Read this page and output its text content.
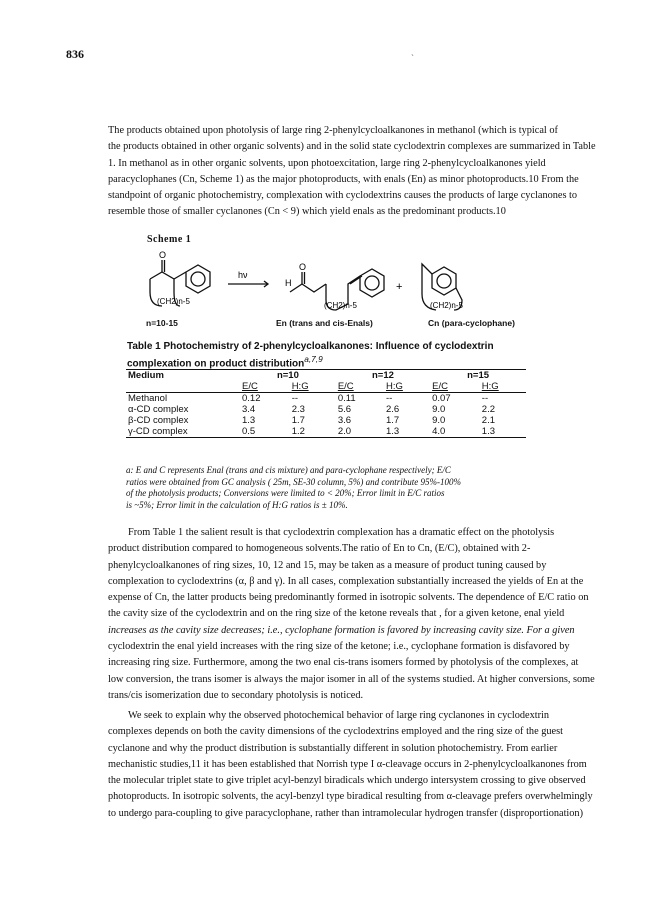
836	`
The products obtained upon photolysis of large ring 2-phenylcycloalkanones in methanol (which is typical of
the products obtained in other organic solvents) and in the solid state cyclodextrin complexes are summarized in Table
1. In methanol as in other organic solvents, upon photoexcitation, large ring 2-phenylcycloalkanones yield
paracyclophanes (Cn, Scheme 1) as the major photoproducts, with enals (En) as minor photoproducts.10 From the
standpoint of organic photochemistry, complexation with cyclodextrins causes the products of large cyclanones to
resemble those of smaller cyclanones (Cn < 9) which yield enals as the predominant products.10
Scheme 1
O
O
H
hν
+
(CH2)n-5	(CH2)n-5	(CH2)n-5
n=10-15	En (trans and cis-Enals)	Cn (para-cyclophane)
Table 1 Photochemistry of 2-phenylcycloalkanones: Influence of cyclodextrin
complexation on product distribution$^{a,7,9}$
Medium	n=10		n=12		n=15	
	E/C	H:G	E/C	H:G	E/C	H:G
Methanol	0.12	--	0.11	--	0.07	--
α-CD complex	3.4	2.3	5.6	2.6	9.0	2.2
β-CD complex	1.3	1.7	3.6	1.7	9.0	2.1
γ-CD complex	0.5	1.2	2.0	1.3	4.0	1.3
a: E and C represents Enal (trans and cis mixture) and para-cyclophane respectively; E/C
ratios were obtained from GC analysis ( 25m, SE-30 column, 5%) and contribute 95%-100%
of the photolysis products; Conversions were limited to < 20%; Error limit in E/C ratios
is ~5%; Error limit in the calculation of H:G ratios is ± 10%.
From Table 1 the salient result is that cyclodextrin complexation has a dramatic effect on the photolysis
product distribution compared to homogeneous solvents.The ratio of En to Cn, (E/C), obtained with 2-
phenylcycloalkanones of ring sizes, 10, 12 and 15, may be taken as a measure of product tuning caused by
complexation to cyclodextrins (α, β and γ). In all cases, complexation substantially increased the yields of En at the
expense of Cn, the latter products being predominantly formed in isotropic solvents. The dependence of E/C ratio on
the cavity size of the cyclodextrin and on the ring size of the ketone reveals that , for a given ketone, enal yield
increases as the cavity size decreases; i.e., cyclophane formation is favored by increasing cavity size. For a given
cyclodextrin the enal yield increases with the ring size of the ketone; i.e., cyclophane formation is disfavored by
increasing ring size. Furthermore, among the two enal cis-trans isomers formed by photolysis of the complexes, at
low conversion, the trans isomer is always the major isomer in all of the systems studied. At higher conversions, some
trans/cis isomerization due to secondary photolysis is noticed.
We seek to explain why the observed photochemical behavior of large ring cyclanones in cyclodextrin
complexes depends on both the cavity dimensions of the cyclodextrins employed and the ring size of the guest
cyclanone and why the product distribution is substantially different in solution photochemistry. From earlier
mechanistic studies,11 it has been established that Norrish type I α-cleavage occurs in 2-phenylcycloalkanones from
the molecular triplet state to give triplet acyl-benzyl biradicals which undergo intersystem crossing to give observed
photoproducts. In isotropic solvents, the acyl-benzyl type biradical resulting from α-cleavage prefers overwhelmingly
to undergo para-coupling to give paracyclophane, rather than intramolecular hydrogen transfer (disproportionation)
